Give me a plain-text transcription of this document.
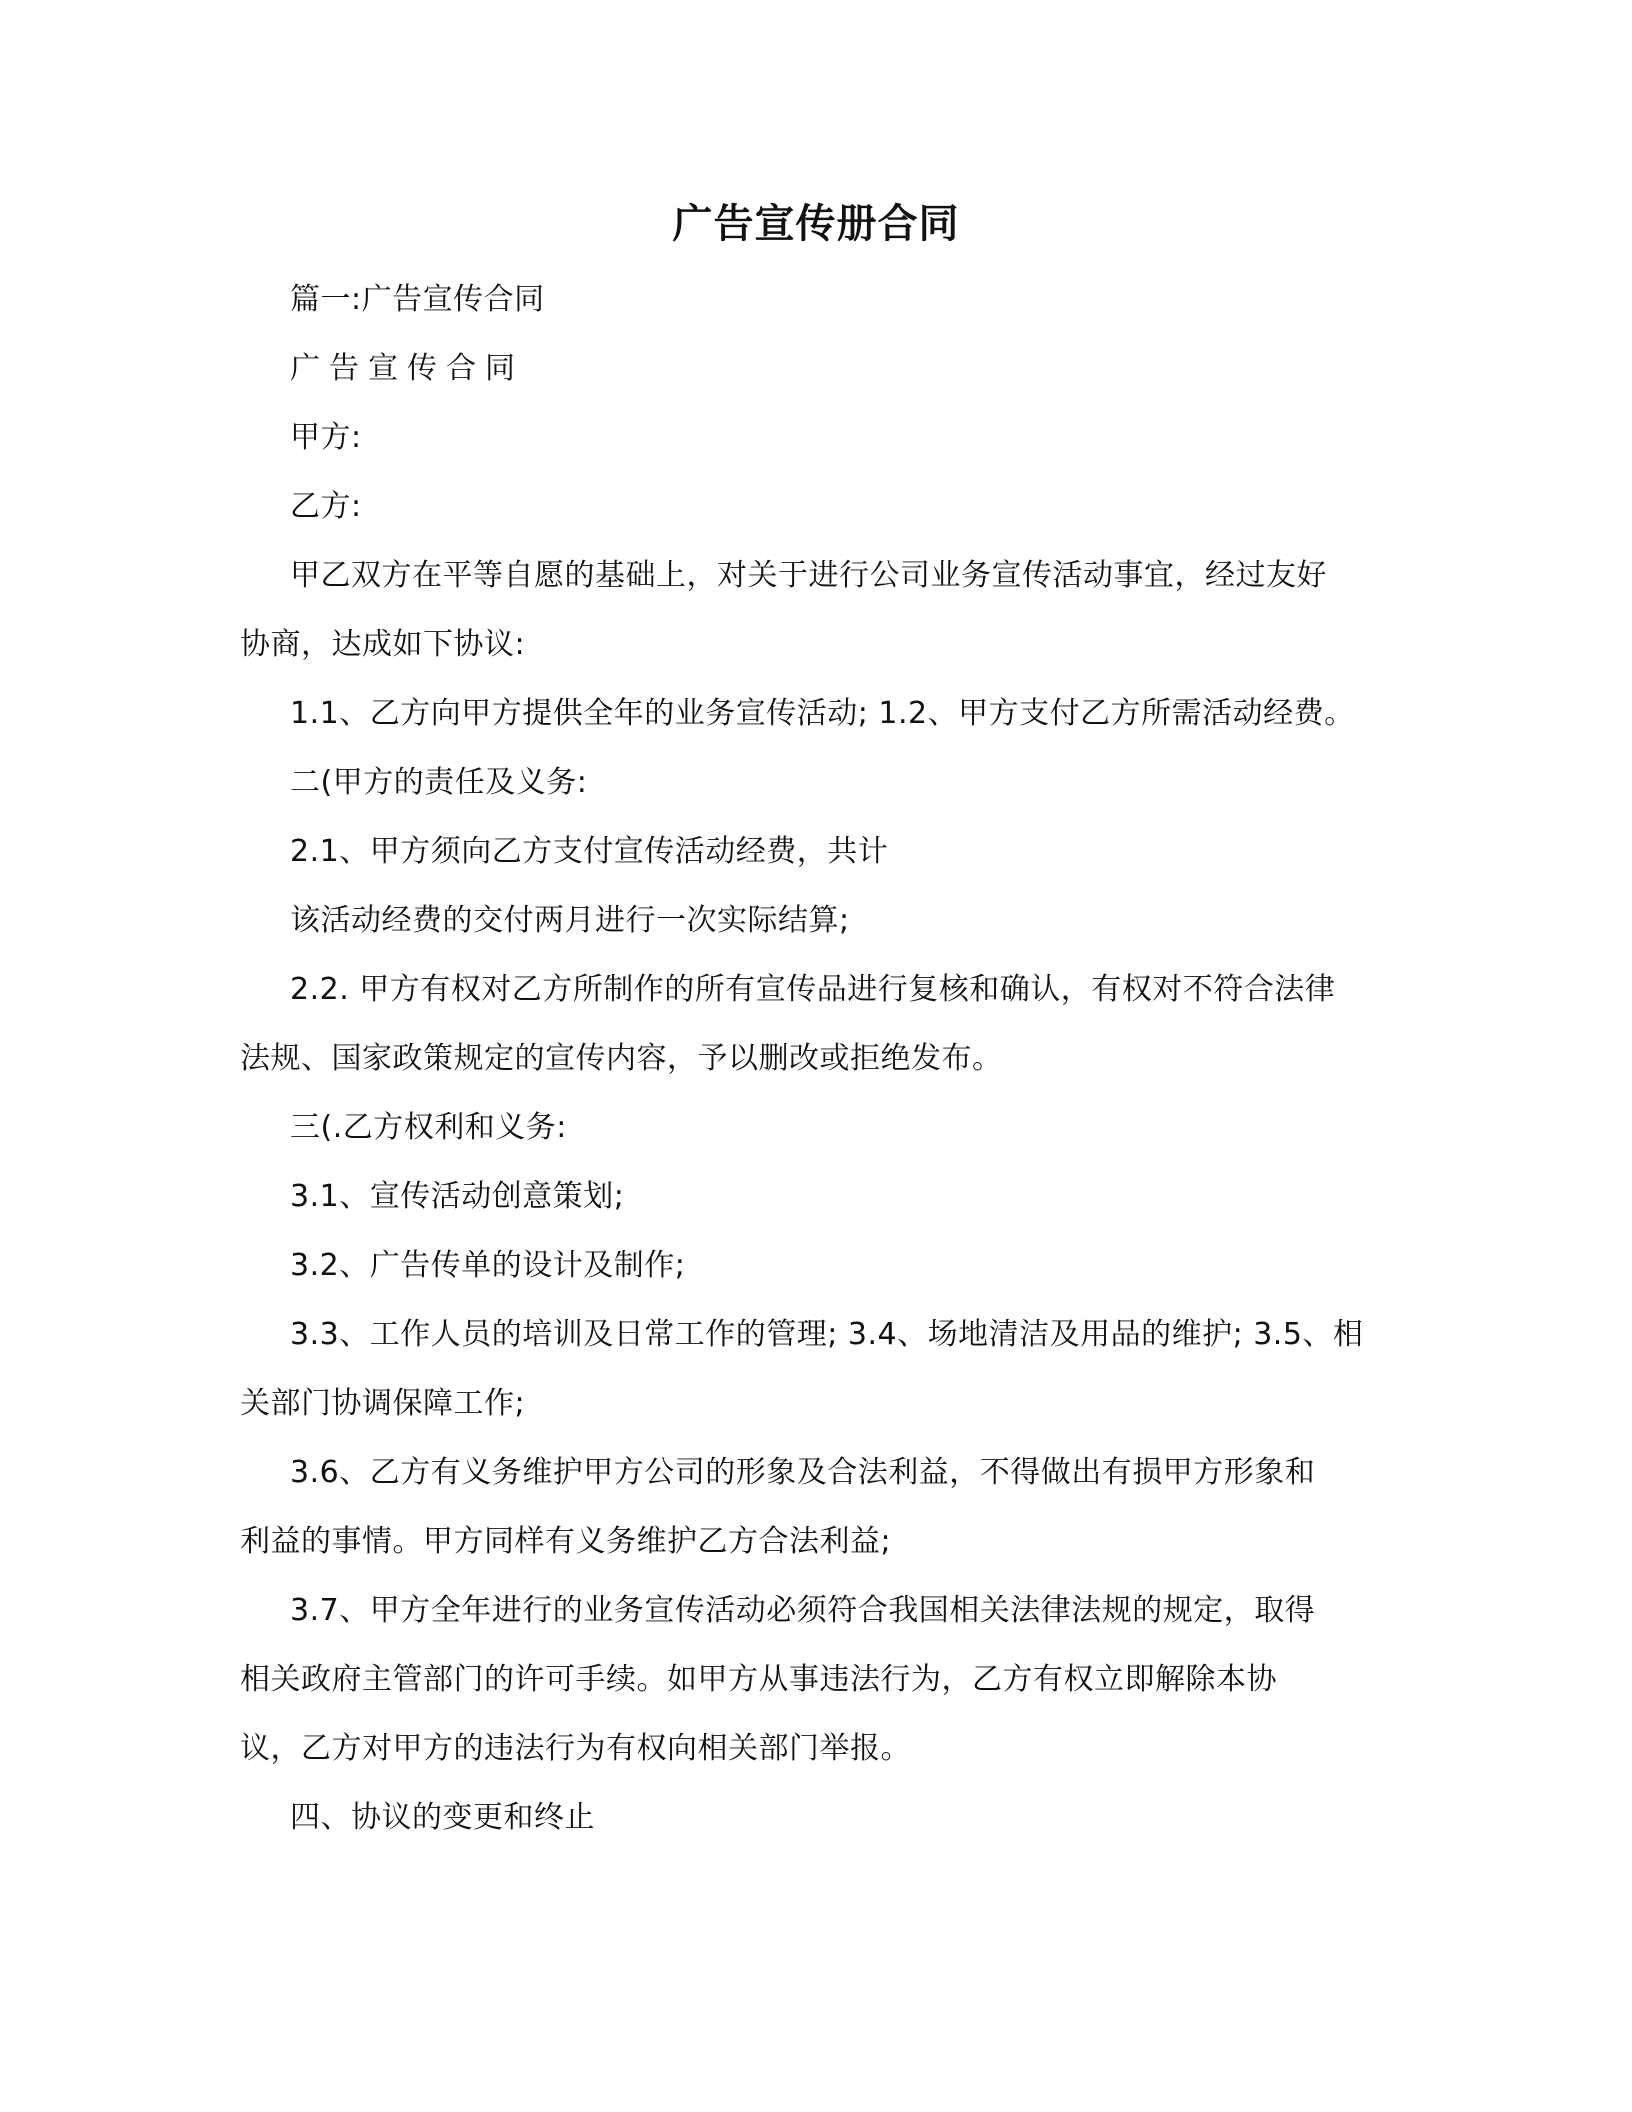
广告宣传册合同
篇一:广告宣传合同
广告宣传合同
甲方:
乙方:
甲乙双方在平等自愿的基础上，对关于进行公司业务宣传活动事宜，经过友好
协商，达成如下协议:
1.1、乙方向甲方提供全年的业务宣传活动; 1.2、甲方支付乙方所需活动经费。
二(甲方的责任及义务:
2.1、甲方须向乙方支付宣传活动经费，共计
该活动经费的交付两月进行一次实际结算;
2.2. 甲方有权对乙方所制作的所有宣传品进行复核和确认，有权对不符合法律
法规、国家政策规定的宣传内容，予以删改或拒绝发布。
三(.乙方权利和义务:
3.1、宣传活动创意策划;
3.2、广告传单的设计及制作;
3.3、工作人员的培训及日常工作的管理; 3.4、场地清洁及用品的维护; 3.5、相
关部门协调保障工作;
3.6、乙方有义务维护甲方公司的形象及合法利益，不得做出有损甲方形象和
利益的事情。甲方同样有义务维护乙方合法利益;
3.7、甲方全年进行的业务宣传活动必须符合我国相关法律法规的规定，取得
相关政府主管部门的许可手续。如甲方从事违法行为，乙方有权立即解除本协
议，乙方对甲方的违法行为有权向相关部门举报。
四、协议的变更和终止
